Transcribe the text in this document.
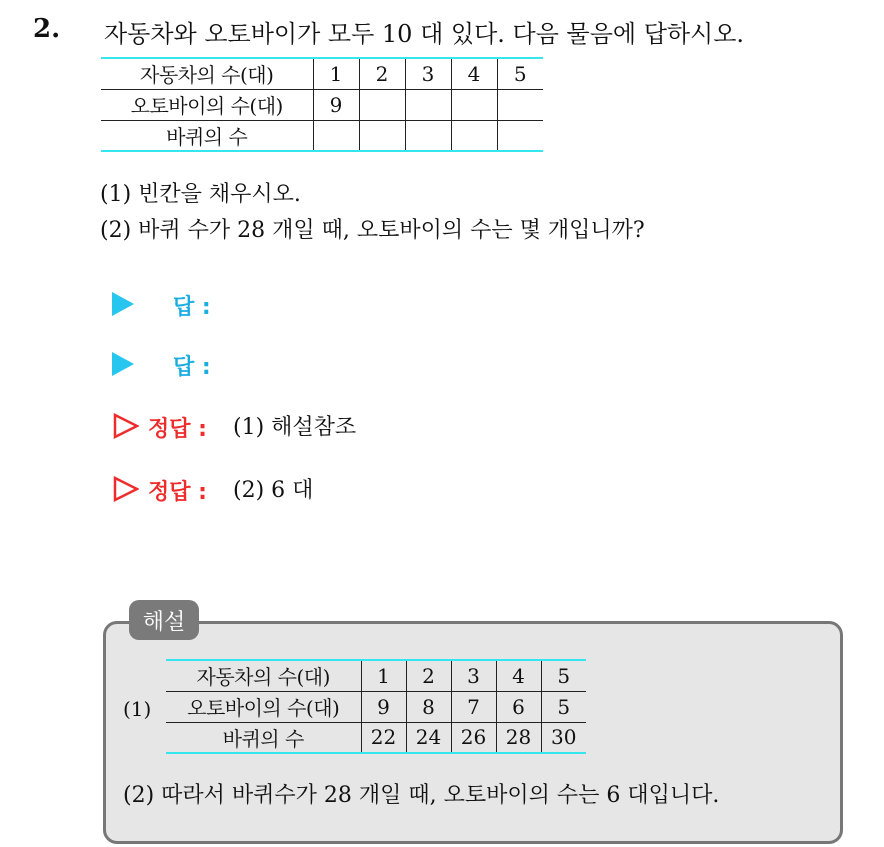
2. 자동차와 오토바이가 모두 10 대 있다. 다음 물음에 답하시오.
자동차의 수(대)	1	2	3	4	5
오토바이의 수(대)	9				
바퀴의 수					
(1) 빈칸을 채우시오.
(2) 바퀴 수가 28 개일 때, 오토바이의 수는 몇 개입니까?
답 :
답 :
정답 : (1) 해설참조
정답 : (2) 6 대
해설
(1)
자동차의 수(대)	1	2	3	4	5
오토바이의 수(대)	9	8	7	6	5
바퀴의 수	22	24	26	28	30
(2) 따라서 바퀴수가 28 개일 때, 오토바이의 수는 6 대입니다.
